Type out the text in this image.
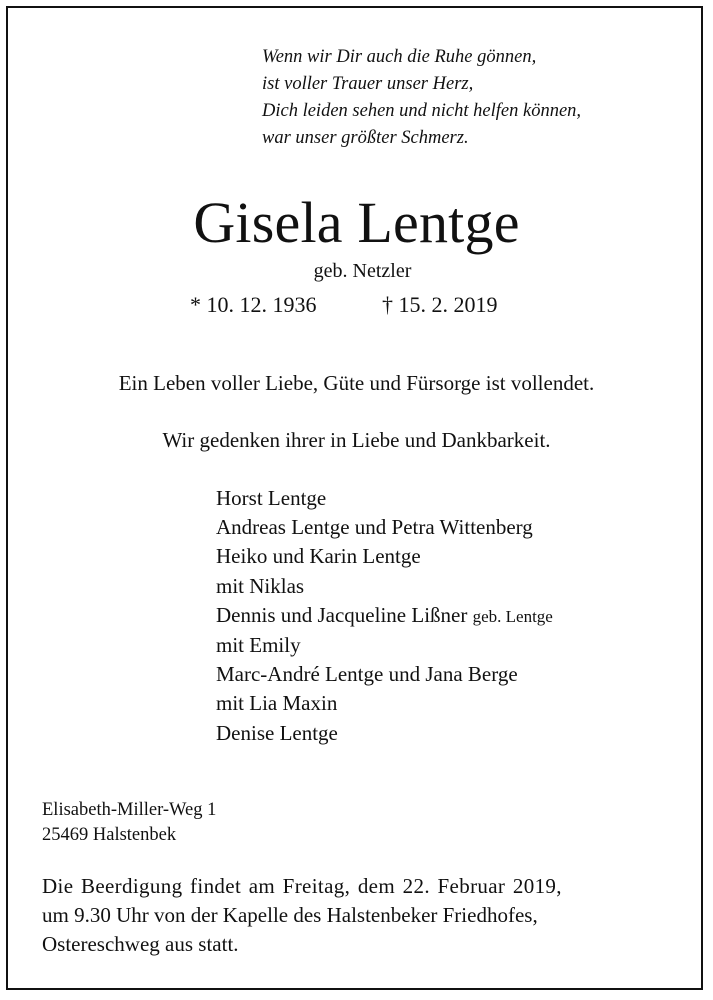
Wenn wir Dir auch die Ruhe gönnen,
ist voller Trauer unser Herz,
Dich leiden sehen und nicht helfen können,
war unser größter Schmerz.
Gisela Lentge
geb. Netzler
* 10. 12. 1936	† 15. 2. 2019
Ein Leben voller Liebe, Güte und Fürsorge ist vollendet.
Wir gedenken ihrer in Liebe und Dankbarkeit.
Horst Lentge
Andreas Lentge und Petra Wittenberg
Heiko und Karin Lentge
mit Niklas
Dennis und Jacqueline Lißner geb. Lentge
mit Emily
Marc-André Lentge und Jana Berge
mit Lia Maxin
Denise Lentge
Elisabeth-Miller-Weg 1
25469 Halstenbek
Die Beerdigung findet am Freitag, dem 22. Februar 2019,
um 9.30 Uhr von der Kapelle des Halstenbeker Friedhofes,
Ostereschweg aus statt.
